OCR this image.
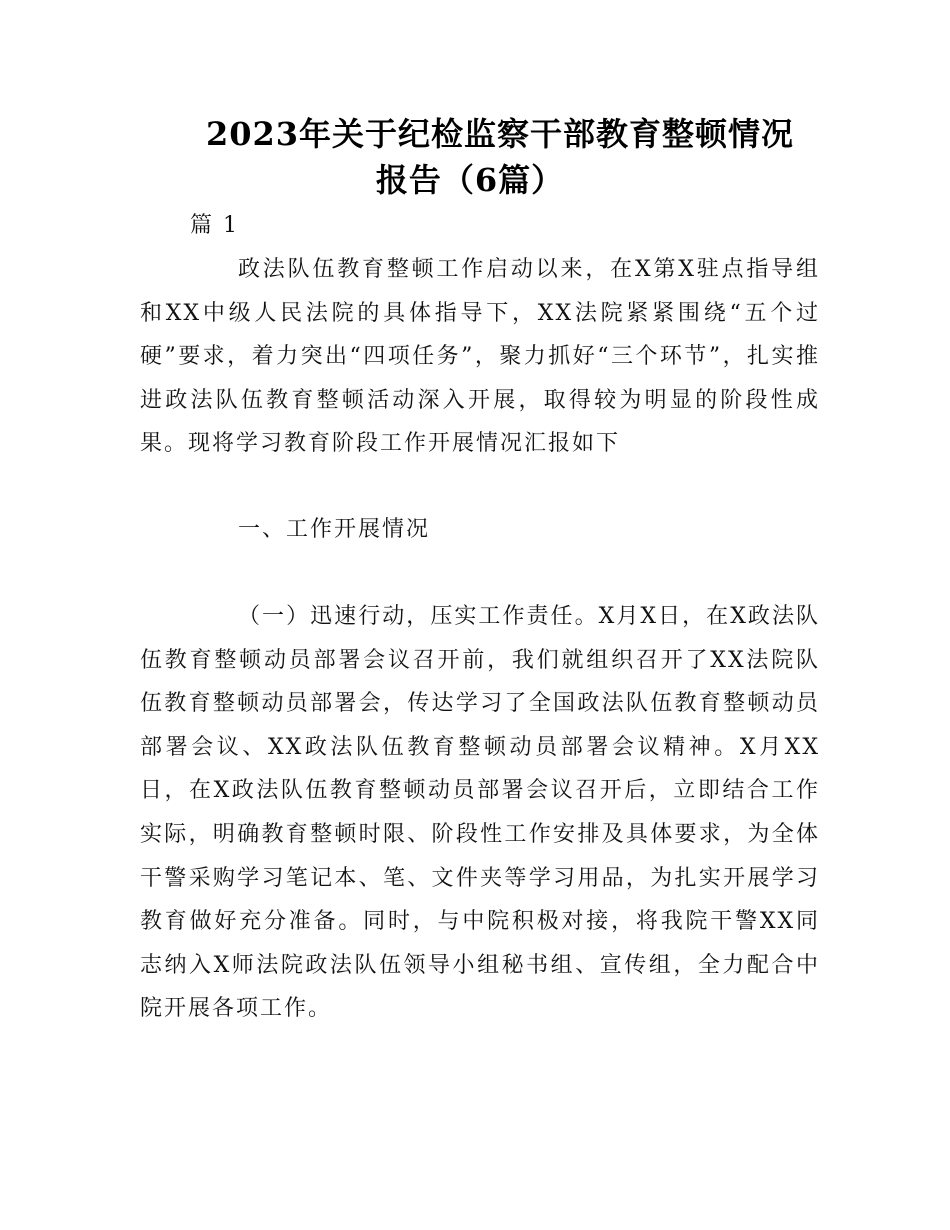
2023年关于纪检监察干部教育整顿情况
报告（6篇）
篇 1

政法队伍教育整顿工作启动以来，在X第X驻点指导组和XX中级人民法院的具体指导下，XX法院紧紧围绕“五个过硬”要求，着力突出“四项任务”，聚力抓好“三个环节”，扎实推进政法队伍教育整顿活动深入开展，取得较为明显的阶段性成果。现将学习教育阶段工作开展情况汇报如下

一、工作开展情况

（一）迅速行动，压实工作责任。X月X日，在X政法队伍教育整顿动员部署会议召开前，我们就组织召开了XX法院队伍教育整顿动员部署会，传达学习了全国政法队伍教育整顿动员部署会议、XX政法队伍教育整顿动员部署会议精神。X月XX日，在X政法队伍教育整顿动员部署会议召开后，立即结合工作实际，明确教育整顿时限、阶段性工作安排及具体要求，为全体干警采购学习笔记本、笔、文件夹等学习用品，为扎实开展学习教育做好充分准备。同时，与中院积极对接，将我院干警XX同志纳入X师法院政法队伍领导小组秘书组、宣传组，全力配合中院开展各项工作。
